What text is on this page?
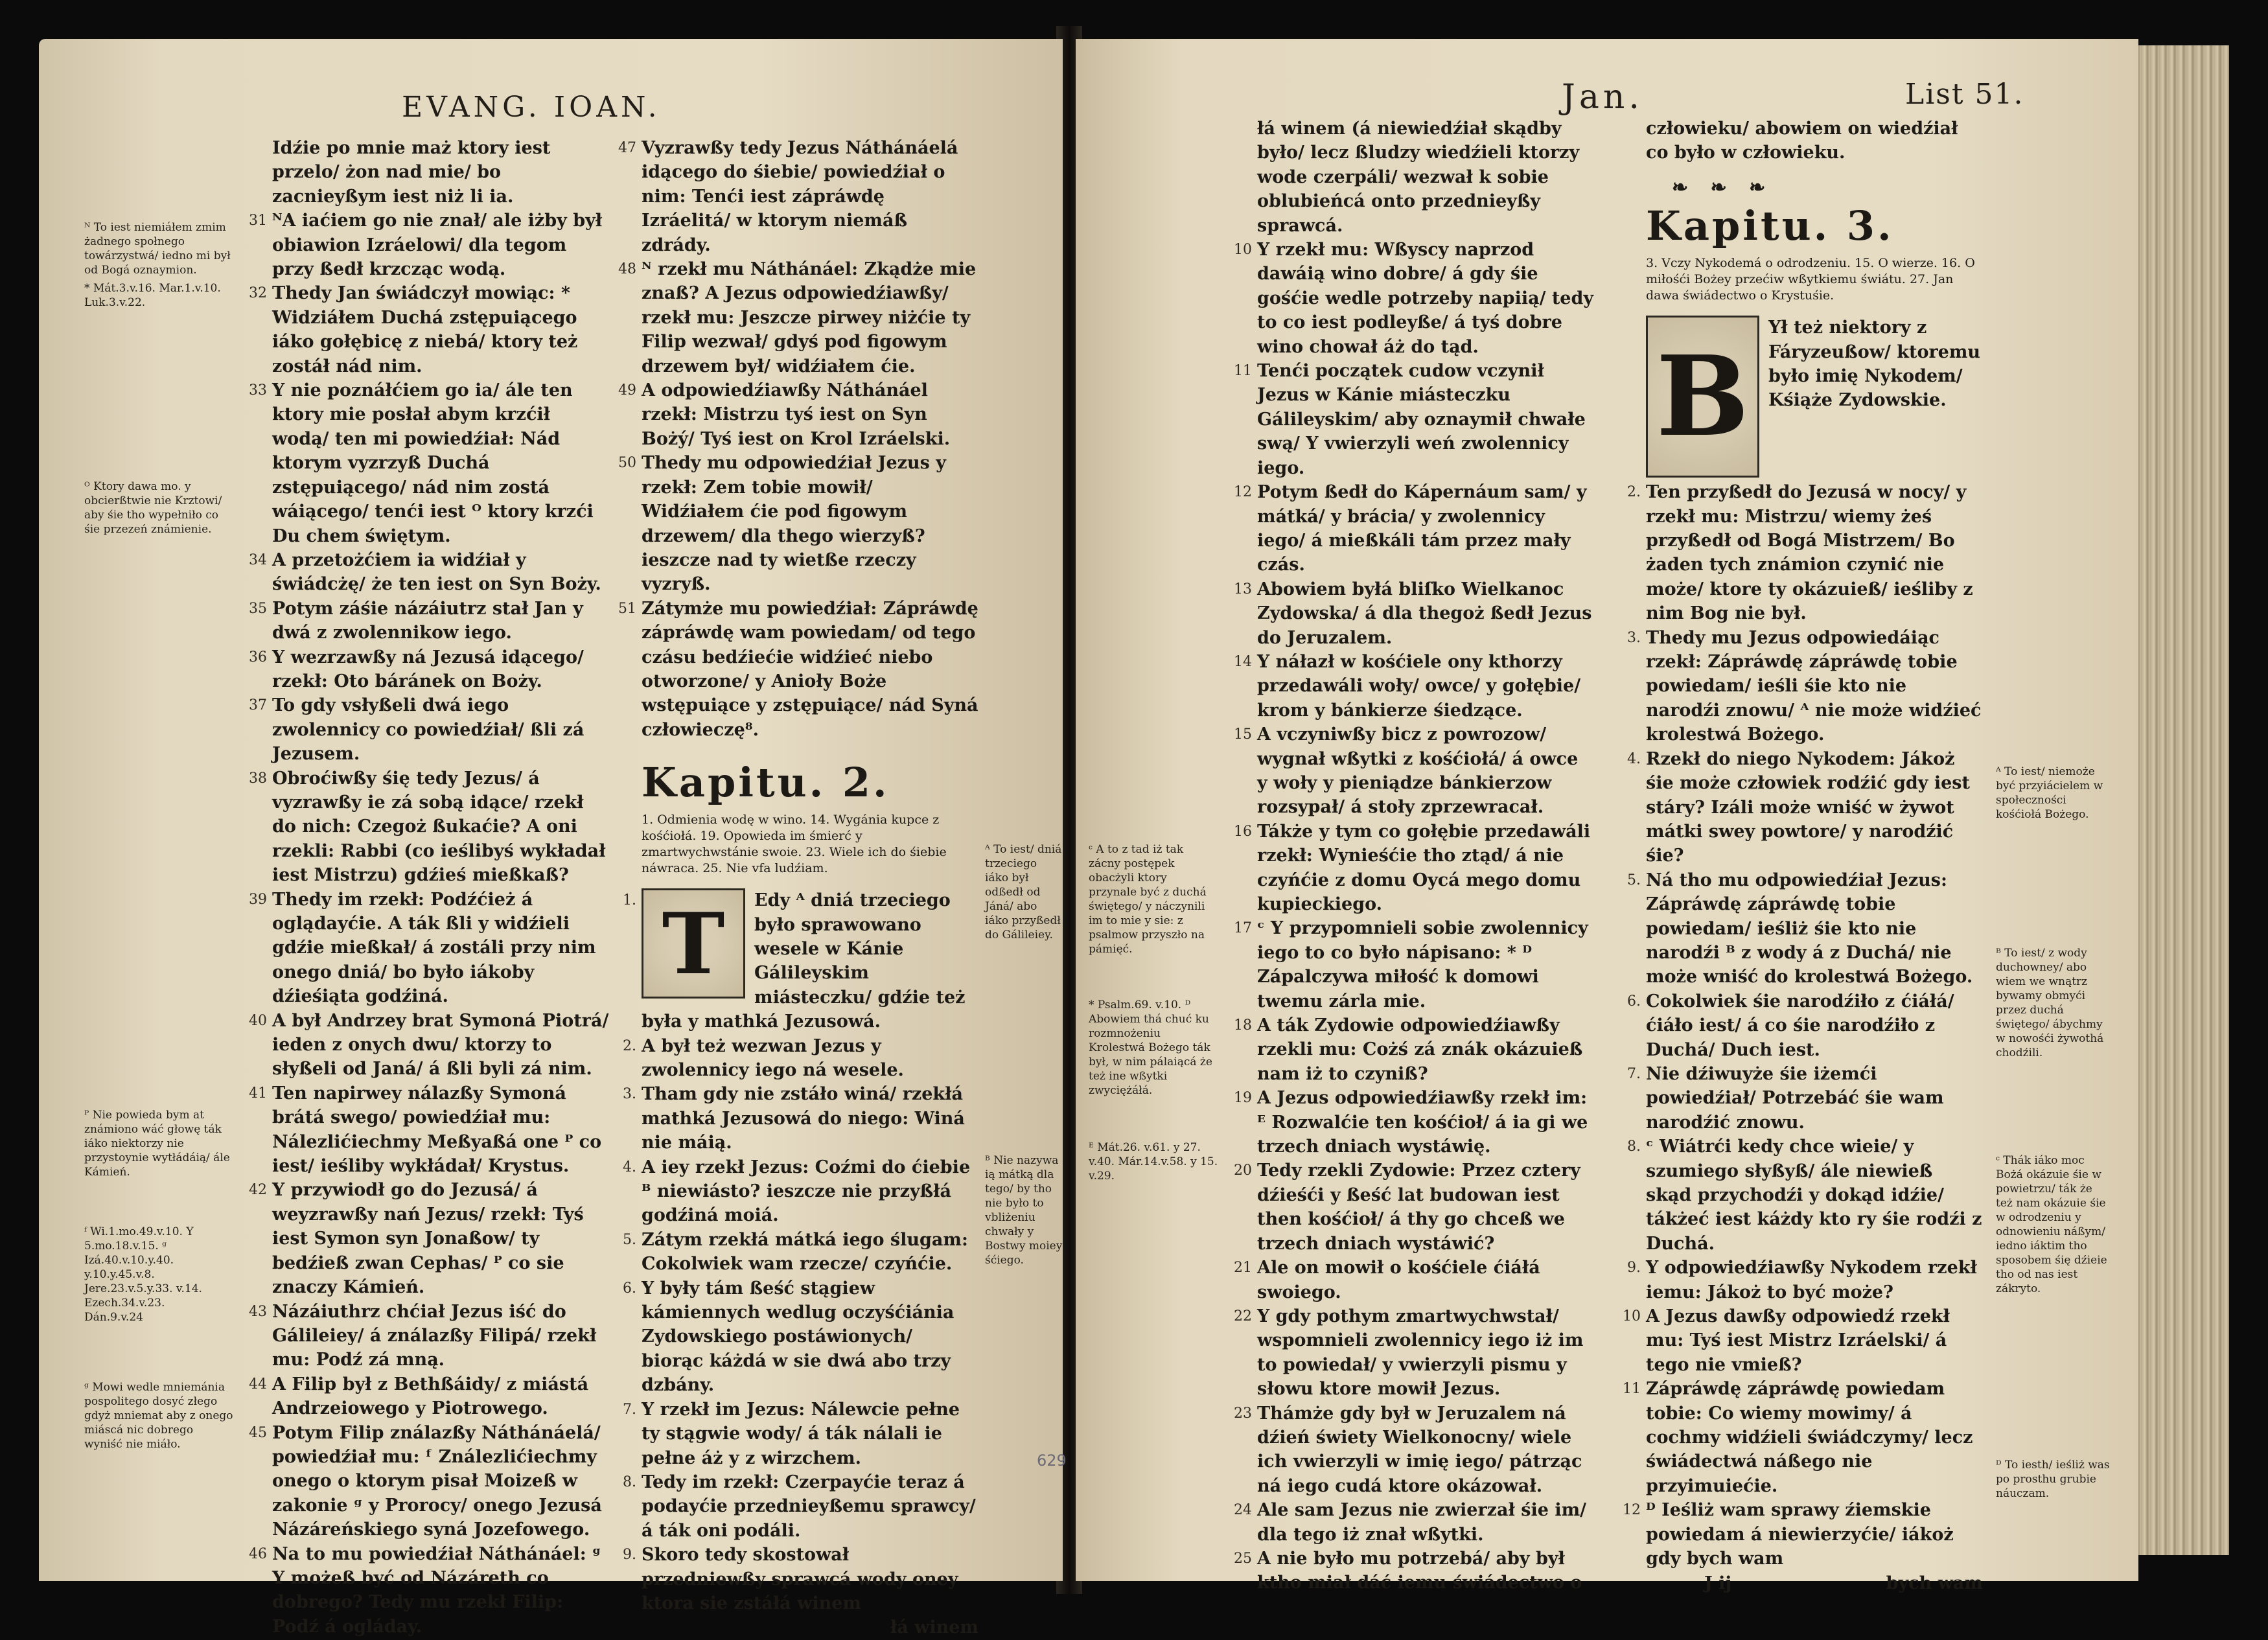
EVANG. IOAN.

ᴺ To iest niemiáłem zmim żadnego społnego towárzystwá/ iedno mi był od Bogá oznaymion.

* Mát.3.v.16. Mar.1.v.10. Luk.3.v.22.

ᴼ Ktory dawa mo. y obcierßtwie nie Krztowi/ aby śie tho wypełniło co śie przezeń známienie.
ᴾ Nie powieda bym at známiono wáć głowę ták iáko niektorzy nie przystoynie wytłádáią/ ále Kámień.
ᶠ Wi.1.mo.49.v.10. Y 5.mo.18.v.15. ᵍ Izá.40.v.10.y.40. y.10.y.45.v.8. Jere.23.v.5.y.33. v.14. Ezech.34.v.23. Dán.9.v.24
ᵍ Mowi wedle mniemánia pospolitego dosyć złego gdyż mniemat aby z onego miáscá nic dobrego wyniść nie miáło.

Idźie po mnie maż ktory iest przelo/ żon nad mie/ bo zacnieyßym iest niż li ia.

31 ᴺA iaćiem go nie znał/ ale iżby był obiawion Izráelowi/ dla tegom przy ßedł krzcząc wodą.

32 Thedy Jan świádczył mowiąc: * Widziáłem Duchá zstępuiącego iáko gołębicę z niebá/ ktory też zostáł nád nim.

33 Y nie poznáłćiem go ia/ ále ten ktory mie posłał abym krzćił wodą/ ten mi powiedźiał: Nád ktorym vyzrzyß Duchá zstępuiącego/ nád nim zostá wáiącego/ tenći iest ᴼ ktory krzći Du chem świętym.

34 A przetożćiem ia widźiał y świádcżę/ że ten iest on Syn Boży.

35 Potym záśie názáiutrz stał Jan y dwá z zwolennikow iego.

36 Y wezrzawßy ná Jezusá idącego/ rzekł: Oto báránek on Boży.

37 To gdy vsłyßeli dwá iego zwolennicy co powiedźiał/ ßli zá Jezusem.

38 Obroćiwßy śię tedy Jezus/ á vyzrawßy ie zá sobą idące/ rzekł do nich: Czegoż ßukaćie? A oni rzekli: Rabbi (co ieślibyś wykładał iest Mistrzu) gdźieś mießkaß?

39 Thedy im rzekł: Podźćież á oglądayćie. A ták ßli y widźieli gdźie mießkał/ á zostáli przy nim onego dniá/ bo było iákoby dźieśiąta godźiná.

40 A był Andrzey brat Symoná Piotrá/ ieden z onych dwu/ ktorzy to słyßeli od Janá/ á ßli byli zá nim.

41 Ten napirwey nálazßy Symoná brátá swego/ powiedźiał mu: Nálezlićiechmy Meßyaßá one ᴾ co iest/ ieśliby wykłádał/ Krystus.

42 Y przywiodł go do Jezusá/ á weyzrawßy nań Jezus/ rzekł: Tyś iest Symon syn Jonaßow/ ty bedźieß zwan Cephas/ ᴾ co sie znaczy Kámień.

43 Názáiuthrz chćiał Jezus iść do Gálileiey/ á ználazßy Filipá/ rzekł mu: Podź zá mną.

44 A Filip był z Bethßáidy/ z miástá Andrzeiowego y Piotrowego.

45 Potym Filip ználazßy Náthánáelá/ powiedźiał mu: ᶠ Ználezlićiechmy onego o ktorym pisał Moizeß w zakonie ᵍ y Prorocy/ onego Jezusá Názáreńskiego syná Jozefowego.

46 Na to mu powiedźiał Náthánáel: ᵍ Y możeß być od Názáreth co dobrego? Tedy mu rzekł Filip: Podź á ogláday.

47 Vyzrawßy tedy Jezus Náthánáelá idącego do śiebie/ powiedźiał o nim: Tenći iest zápráwdę Izráelitá/ w ktorym niemáß zdrády.

48 ᴺ rzekł mu Náthánáel: Zkądże mie znaß? A Jezus odpowiedźiawßy/ rzekł mu: Jeszcze pirwey niżćie ty Filip wezwał/ gdyś pod figowym drzewem był/ widźiałem ćie.

49 A odpowiedźiawßy Náthánáel rzekł: Mistrzu tyś iest on Syn Bożý/ Tyś iest on Krol Izráelski.

50 Thedy mu odpowiedźiał Jezus y rzekł: Zem tobie mowił/ Widźiałem ćie pod figowym drzewem/ dla thego wierzyß? ieszcze nad ty wietße rzeczy vyzryß.

51 Zátymże mu powiedźiał: Zápráwdę zápráwdę wam powiedam/ od tego czásu bedźiećie widźieć niebo otworzone/ y Anioły Boże wstępuiące y zstępuiące/ nád Syná człowieczę⁸.

Kapitu. 2.

1. Odmienia wodę w wino. 14. Wygánia kupce z kośćiołá. 19. Opowieda im śmierć y zmartwychwstánie swoie. 23. Wiele ich do śiebie náwraca. 25. Nie vfa ludźiam.

T

1.	Edy ᴬ dniá trzeciego było sprawowano wesele w Kánie Gálileyskim miásteczku/ gdźie też była y mathká Jezusowá.

2. A był też wezwan Jezus y zwolennicy iego ná wesele.

3. Tham gdy nie zstáło winá/ rzekłá mathká Jezusowá do niego: Winá nie máią.

4. A iey rzekł Jezus: Coźmi do ćiebie ᴮ niewiásto? ieszcze nie przyßłá godźiná moiá.

5. Zátym rzekłá mátká iego ślugam: Cokolwiek wam rzecze/ czyńćie.

6. Y były tám ßeść stągiew kámiennych wedlug oczyśćiánia Zydowskiego postáwionych/ biorąc káżdá w sie dwá abo trzy dzbány.

7. Y rzekł im Jezus: Nálewcie pełne ty stągwie wody/ á ták nálali ie pełne áż y z wirzchem.

8. Tedy im rzekł: Czerpayćie teraz á podayćie przednieyßemu sprawcy/ á ták oni podáli.

9. Skoro tedy skostował przedniewßy sprawcá wody oney ktora sie zstáłá winem

łá winem

ᴬ To iest/ dniá trzeciego iáko był odßedł od Jáná/ abo iáko przyßedł do Gálileiey.
ᴮ Nie nazywa ią mátką dla tego/ by tho nie było to vbliżeniu chwały y Bostwy moiey śćiego.
629
Jan.	List 51.
ᶜ A to z tad iż tak zácny postępek obacżyli ktory przynale być z duchá świętego/ y náczynili im to mie y sie: z psalmow przyszło na pámięć.
* Psalm.69. v.10. ᴰ Abowiem thá chuć ku rozmnożeniu Krolestwá Bożego ták był, w nim pálaiącá że też ine wßytki zwyciężáłá.
ᴱ Mát.26. v.61. y 27. v.40. Már.14.v.58. y 15. v.29.

łá winem (á niewiedźiał skądby było/ lecz ßludzy wiedźieli ktorzy wode czerpáli/ wezwał k sobie oblubieńcá onto przednieyßy sprawcá.

10 Y rzekł mu: Wßyscy naprzod dawáią wino dobre/ á gdy śie gośćie wedle potrzeby napiią/ tedy to co iest podleyße/ á tyś dobre wino chował áż do tąd.

11 Tenći początek cudow vczynił Jezus w Kánie miásteczku Gálileyskim/ aby oznaymił chwałe swą/ Y vwierzyli weń zwolennicy iego.

12 Potym ßedł do Kápernáum sam/ y mátká/ y brácia/ y zwolennicy iego/ á mießkáli tám przez mały czás.

13 Abowiem byłá bliſko Wielkanoc Zydowska/ á dla thegoż ßedł Jezus do Jeruzalem.

14 Y náłazł w kośćiele ony kthorzy przedawáli woły/ owce/ y gołębie/ krom y bánkierze śiedzące.

15 A vczyniwßy bicz z powrozow/ wygnał wßytki z kośćiołá/ á owce y woły y pieniądze bánkierzow rozsypał/ á stoły zprzewracał.

16 Tákże y tym co gołębie przedawáli rzekł: Wynieśćie tho ztąd/ á nie czyńćie z domu Oycá mego domu kupieckiego.

17 ᶜ Y przypomnieli sobie zwolennicy iego to co było nápisano: * ᴰ Zápalczywa miłość k domowi twemu zárla mie.

18 A ták Zydowie odpowiedźiawßy rzekli mu: Cożś zá znák okázuieß nam iż to czyniß?

19 A Jezus odpowiedźiawßy rzekł im: ᴱ Rozwalćie ten kośćioł/ á ia gi we trzech dniach wystáwię.

20 Tedy rzekli Zydowie: Przez cztery dźieśći y ßeść lat budowan iest then kośćioł/ á thy go chceß we trzech dniach wystáwić?

21 Ale on mowił o kośćiele ćiáłá swoiego.

22 Y gdy pothym zmartwychwstał/ wspomnieli zwolennicy iego iż im to powiedał/ y vwierzyli pismu y słowu ktore mowił Jezus.

23 Thámże gdy był w Jeruzalem ná dźień świety Wielkonocny/ wiele ich vwierzyli w imię iego/ pátrząc ná iego cudá ktore okázował.

24 Ale sam Jezus nie zwierzał śie im/ dla tego iż znał wßytki.

25 A nie było mu potrzebá/ aby był ktho miał dáć iemu świádectwo o

człowieku/ abowiem on wiedźiał co było w człowieku.

❧ ❧ ❧

Kapitu. 3.

3. Vczy Nykodemá o odrodzeniu. 15. O wierze. 16. O miłośći Bożey przećiw wßytkiemu świátu. 27. Jan dawa świádectwo o Krystuśie.

B

Ył też niektory z Fáryzeußow/ ktoremu było imię Nykodem/ Kśiąże Zydowskie.

2. Ten przyßedł do Jezusá w nocy/ y rzekł mu: Mistrzu/ wiemy żeś przyßedł od Bogá Mistrzem/ Bo żaden tych známion czynić nie może/ ktore ty okázuieß/ ieśliby z nim Bog nie był.

3. Thedy mu Jezus odpowiedáiąc rzekł: Zápráwdę zápráwdę tobie powiedam/ ieśli śie kto nie narodźi znowu/ ᴬ nie może widźieć krolestwá Bożego.

4. Rzekł do niego Nykodem: Jákoż śie może człowiek rodźić gdy iest stáry? Izáli może wniść w żywot mátki swey powtore/ y narodźić śie?

5. Ná tho mu odpowiedźiał Jezus: Zápráwdę zápráwdę tobie powiedam/ ieśliż śie kto nie narodźi ᴮ z wody á z Duchá/ nie może wniść do krolestwá Bożego.

6. Cokolwiek śie narodźiło z ćiáłá/ ćiáło iest/ á co śie narodźiło z Duchá/ Duch iest.

7. Nie dźiwuyże śie iżemći powiedźiał/ Potrzebáć śie wam narodźić znowu.

8. ᶜ Wiátrći kedy chce wieie/ y szumiego słyßyß/ ále niewieß skąd przychodźi y dokąd idźie/ tákżeć iest káżdy kto ry śie rodźi z Duchá.

9. Y odpowiedźiawßy Nykodem rzekł iemu: Jákoż to być może?

10 A Jezus dawßy odpowiedź rzekł mu: Tyś iest Mistrz Izráelski/ á tego nie vmieß?

11 Zápráwdę zápráwdę powiedam tobie: Co wiemy mowimy/ á cochmy widźieli świádczymy/ lecz świádectwá náßego nie przyimuiećie.

12 ᴰ Ieśliż wam sprawy źiemskie powiedam á niewierzyćie/ iákoż gdy bych wam

J ij	bych wam
ᴬ To iest/ niemoże być przyiácielem w społeczności kośćiołá Bożego.
ᴮ To iest/ z wody duchowney/ abo wiem we wnątrz bywamy obmyći przez duchá świętego/ ábychmy w nowośći żywothá chodźili.
ᶜ Thák iáko moc Bożá okázuie śie w powietrzu/ ták że też nam okázuie śie w odrodzeniu y odnowieniu náßym/ iedno iáktim tho sposobem śię dźieie tho od nas iest zákryto.
ᴰ To iesth/ ieśliż was po prosthu grubie náuczam.
